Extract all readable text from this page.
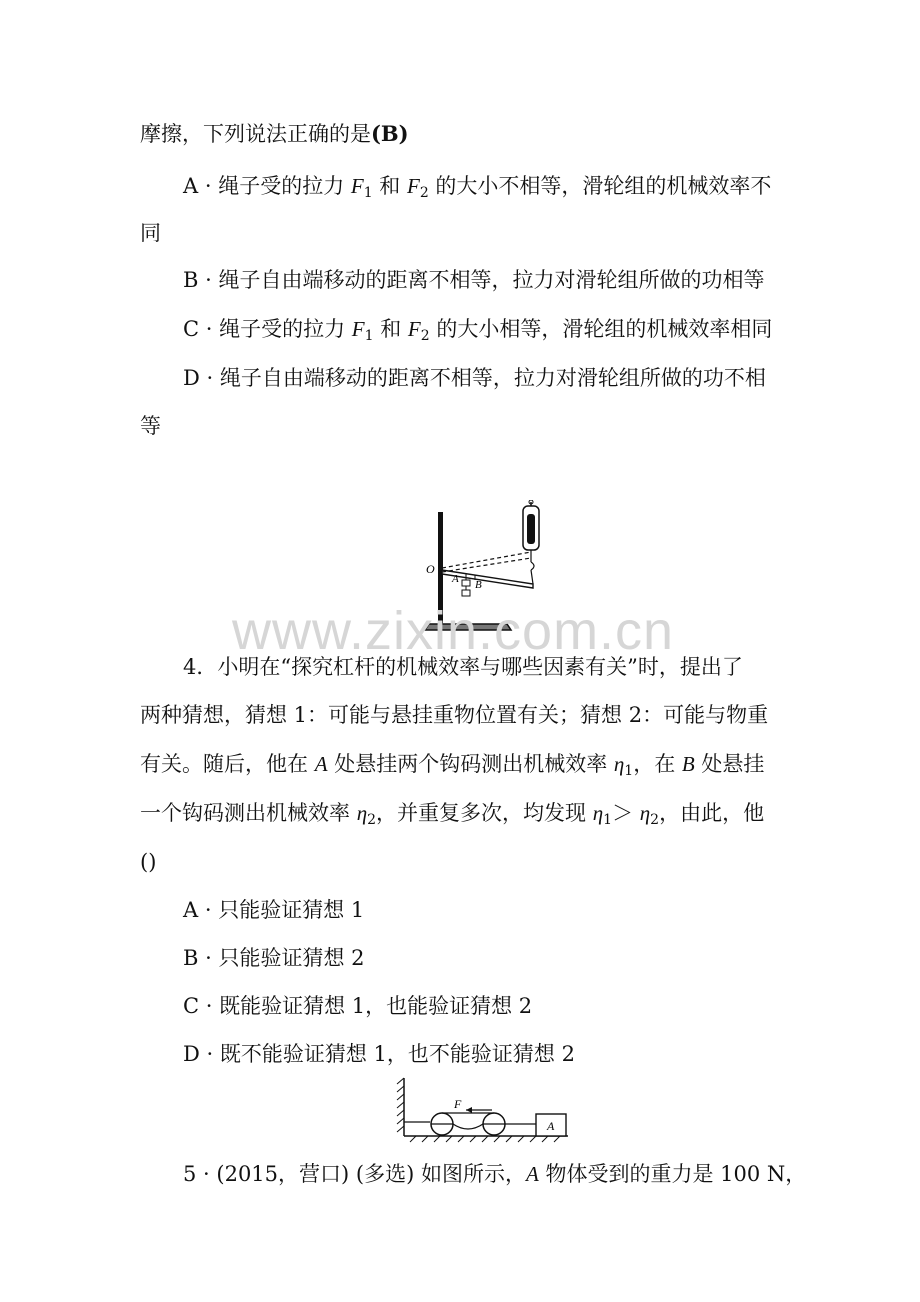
摩擦，下列说法正确的是(B)
A · 绳子受的拉力 $F_1$ 和 $F_2$ 的大小不相等，滑轮组的机械效率不
同
B · 绳子自由端移动的距离不相等，拉力对滑轮组所做的功相等
C · 绳子受的拉力 $F_1$ 和 $F_2$ 的大小相等，滑轮组的机械效率相同
D · 绳子自由端移动的距离不相等，拉力对滑轮组所做的功不相
等
O
A B
www.zixin.com.cn
4．小明在“探究杠杆的机械效率与哪些因素有关”时，提出了
两种猜想，猜想 1：可能与悬挂重物位置有关；猜想 2：可能与物重
有关。随后，他在 A 处悬挂两个钩码测出机械效率 $\eta_1$，在 B 处悬挂
一个钩码测出机械效率 $\eta_2$，并重复多次，均发现 $\eta_1> \eta_2$，由此，他
()
A · 只能验证猜想 1
B · 只能验证猜想 2
C · 既能验证猜想 1，也能验证猜想 2
D · 既不能验证猜想 1，也不能验证猜想 2
F
A
5 · (2015，营口) (多选) 如图所示，A 物体受到的重力是 100 N，
